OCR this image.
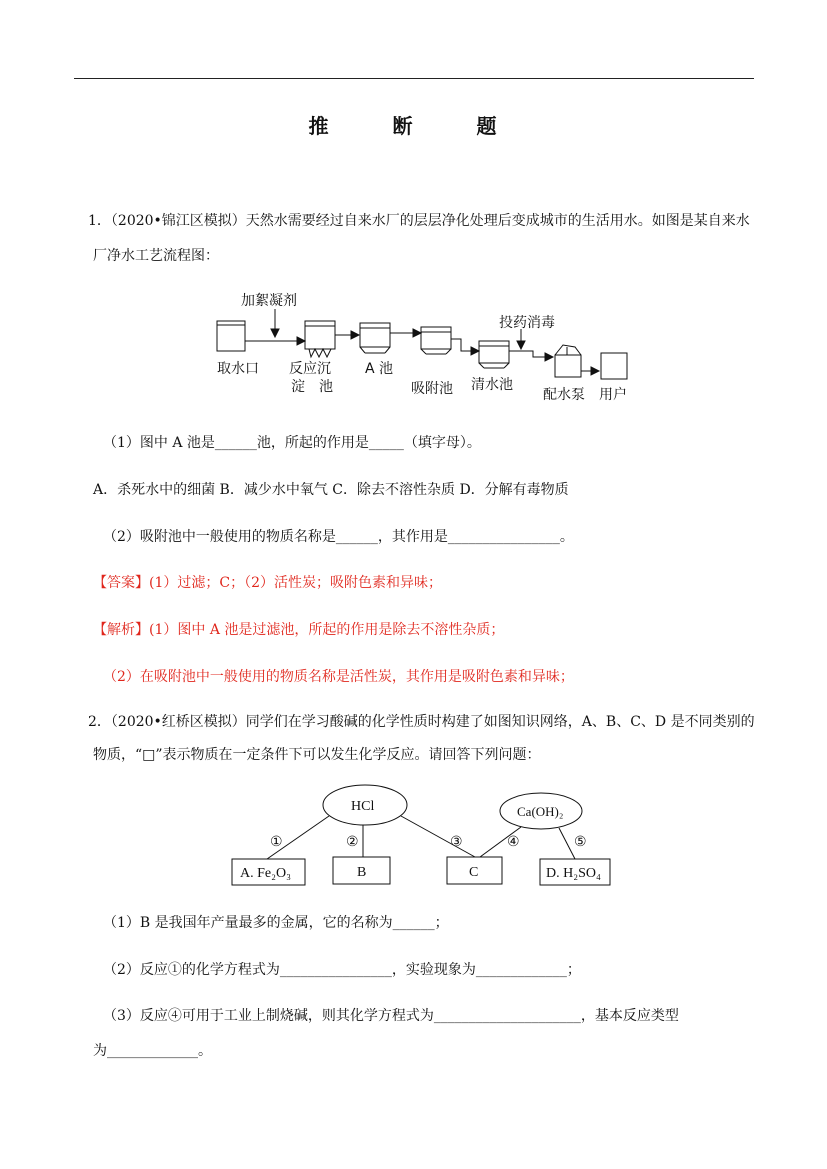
推　断　题
1．（2020•锦江区模拟）天然水需要经过自来水厂的层层净化处理后变成城市的生活用水。如图是某自来水
厂净水工艺流程图：
加絮凝剂
投药消毒
取水口 反应沉
淀　池
A 池
吸附池 清水池
配水泵 用户
（1）图中 A 池是______池，所起的作用是_____（填字母）。
A．杀死水中的细菌 B．减少水中氧气 C．除去不溶性杂质 D．分解有毒物质
（2）吸附池中一般使用的物质名称是______，其作用是________________。
【答案】(1）过滤；C；（2）活性炭；吸附色素和异味；
【解析】(1）图中 A 池是过滤池，所起的作用是除去不溶性杂质；
（2）在吸附池中一般使用的物质名称是活性炭，其作用是吸附色素和异味；
2．（2020•红桥区模拟）同学们在学习酸碱的化学性质时构建了如图知识网络，A、B、C、D 是不同类别的
物质，“□”表示物质在一定条件下可以发生化学反应。请回答下列问题：
HCl	Ca(OH)₂
①	②	③	④	⑤
A. Fe₂O₃	B	C	D. H₂SO₄
（1）B 是我国年产量最多的金属，它的名称为______；
（2）反应①的化学方程式为________________，实验现象为_____________；
（3）反应④可用于工业上制烧碱，则其化学方程式为_____________________，基本反应类型
为_____________。
